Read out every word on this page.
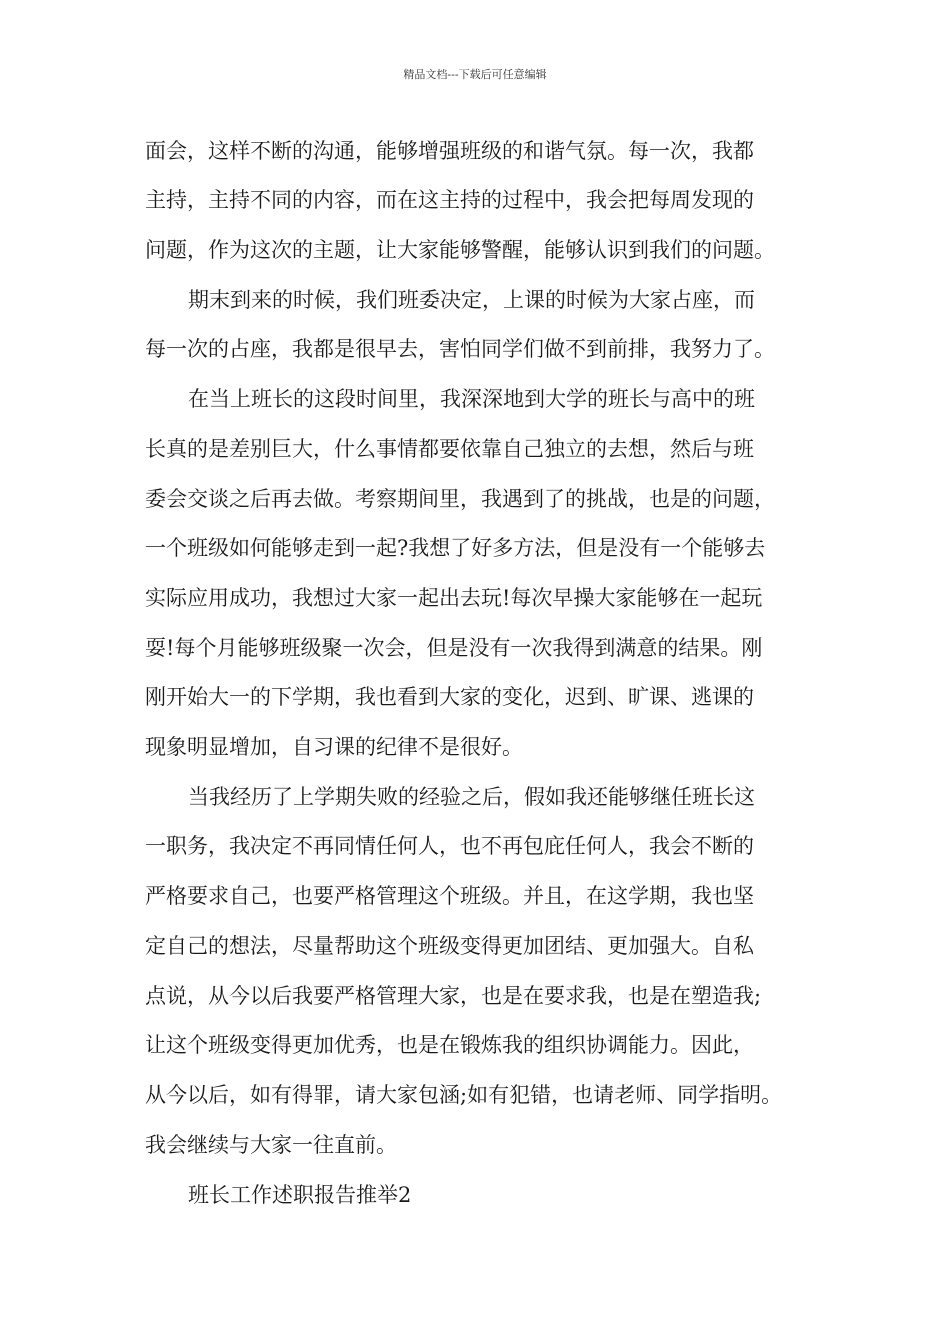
精品文档---下载后可任意编辑
面会，这样不断的沟通，能够增强班级的和谐气氛。每一次，我都
主持，主持不同的内容，而在这主持的过程中，我会把每周发现的
问题，作为这次的主题，让大家能够警醒，能够认识到我们的问题。
期末到来的时候，我们班委决定，上课的时候为大家占座，而
每一次的占座，我都是很早去，害怕同学们做不到前排，我努力了。
在当上班长的这段时间里，我深深地到大学的班长与高中的班
长真的是差别巨大，什么事情都要依靠自己独立的去想，然后与班
委会交谈之后再去做。考察期间里，我遇到了的挑战，也是的问题，
一个班级如何能够走到一起?我想了好多方法，但是没有一个能够去
实际应用成功，我想过大家一起出去玩!每次早操大家能够在一起玩
耍!每个月能够班级聚一次会，但是没有一次我得到满意的结果。刚
刚开始大一的下学期，我也看到大家的变化，迟到、旷课、逃课的
现象明显增加，自习课的纪律不是很好。
当我经历了上学期失败的经验之后，假如我还能够继任班长这
一职务，我决定不再同情任何人，也不再包庇任何人，我会不断的
严格要求自己，也要严格管理这个班级。并且，在这学期，我也坚
定自己的想法，尽量帮助这个班级变得更加团结、更加强大。自私
点说，从今以后我要严格管理大家，也是在要求我，也是在塑造我;
让这个班级变得更加优秀，也是在锻炼我的组织协调能力。因此，
从今以后，如有得罪，请大家包涵;如有犯错，也请老师、同学指明。
我会继续与大家一往直前。
班长工作述职报告推举2
